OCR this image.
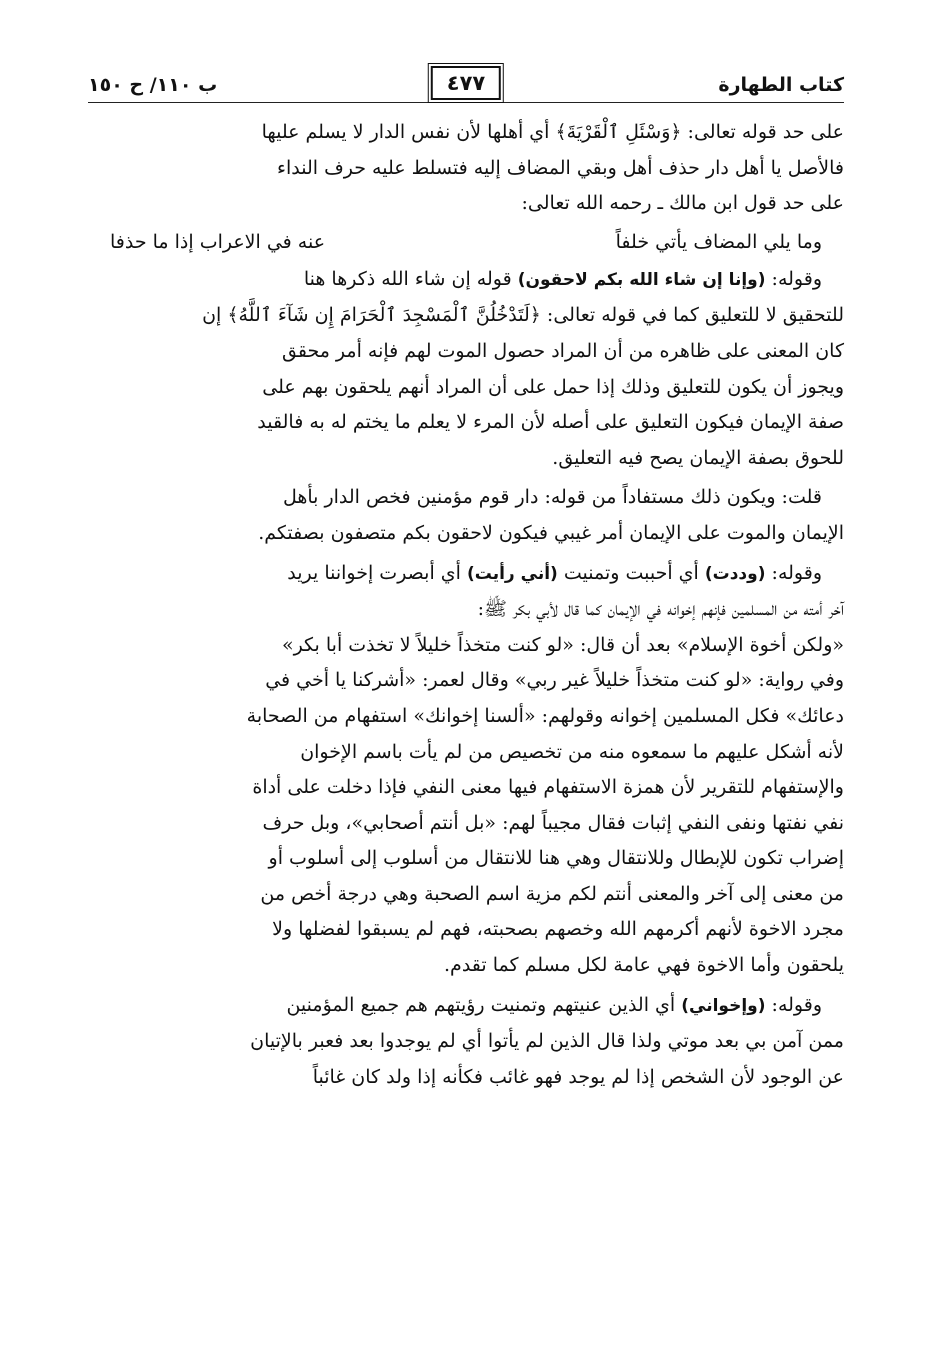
كتاب الطهارة
٤٧٧
ب ١١٠/ ح ١٥٠

على حد قوله تعالى: ﴿وَسْئَلِ ٱلْقَرْيَةَ﴾ أي أهلها لأن نفس الدار لا يسلم عليها

فالأصل يا أهل دار حذف أهل وبقي المضاف إليه فتسلط عليه حرف النداء

على حد قول ابن مالك ـ رحمه الله تعالى:

وما يلي المضاف يأتي خلفاً
عنه في الاعراب إذا ما حذفا

وقوله: (وإنا إن شاء الله بكم لاحقون) قوله إن شاء الله ذكرها هنا

للتحقيق لا للتعليق كما في قوله تعالى: ﴿لَتَدْخُلُنَّ ٱلْمَسْجِدَ ٱلْحَرَامَ إِن شَآءَ ٱللَّهُ﴾ إن

كان المعنى على ظاهره من أن المراد حصول الموت لهم فإنه أمر محقق

ويجوز أن يكون للتعليق وذلك إذا حمل على أن المراد أنهم يلحقون بهم على

صفة الإيمان فيكون التعليق على أصله لأن المرء لا يعلم ما يختم له به فالقيد

للحوق بصفة الإيمان يصح فيه التعليق.

قلت: ويكون ذلك مستفاداً من قوله: دار قوم مؤمنين فخص الدار بأهل

الإيمان والموت على الإيمان أمر غيبي فيكون لاحقون بكم متصفون بصفتكم.

وقوله: (وددت) أي أحببت وتمنيت (أني رأيت) أي أبصرت إخواننا يريد

آخر أمته من المسلمين فإنهم إخوانه في الإيمان كما قال لأبي بكر ﷺ:

«ولكن أخوة الإسلام» بعد أن قال: «لو كنت متخذاً خليلاً لا تخذت أبا بكر»

وفي رواية: «لو كنت متخذاً خليلاً غير ربي» وقال لعمر: «أشركنا يا أخي في

دعائك» فكل المسلمين إخوانه وقولهم: «ألسنا إخوانك» استفهام من الصحابة

لأنه أشكل عليهم ما سمعوه منه من تخصيص من لم يأت باسم الإخوان

والإستفهام للتقرير لأن همزة الاستفهام فيها معنى النفي فإذا دخلت على أداة

نفي نفتها ونفى النفي إثبات فقال مجيباً لهم: «بل أنتم أصحابي»، وبل حرف

إضراب تكون للإبطال وللانتقال وهي هنا للانتقال من أسلوب إلى أسلوب أو

من معنى إلى آخر والمعنى أنتم لكم مزية اسم الصحبة وهي درجة أخص من

مجرد الاخوة لأنهم أكرمهم الله وخصهم بصحبته، فهم لم يسبقوا لفضلها ولا

يلحقون وأما الاخوة فهي عامة لكل مسلم كما تقدم.

وقوله: (وإخواني) أي الذين عنيتهم وتمنيت رؤيتهم هم جميع المؤمنين

ممن آمن بي بعد موتي ولذا قال الذين لم يأتوا أي لم يوجدوا بعد فعبر بالإتيان

عن الوجود لأن الشخص إذا لم يوجد فهو غائب فكأنه إذا ولد كان غائباً
